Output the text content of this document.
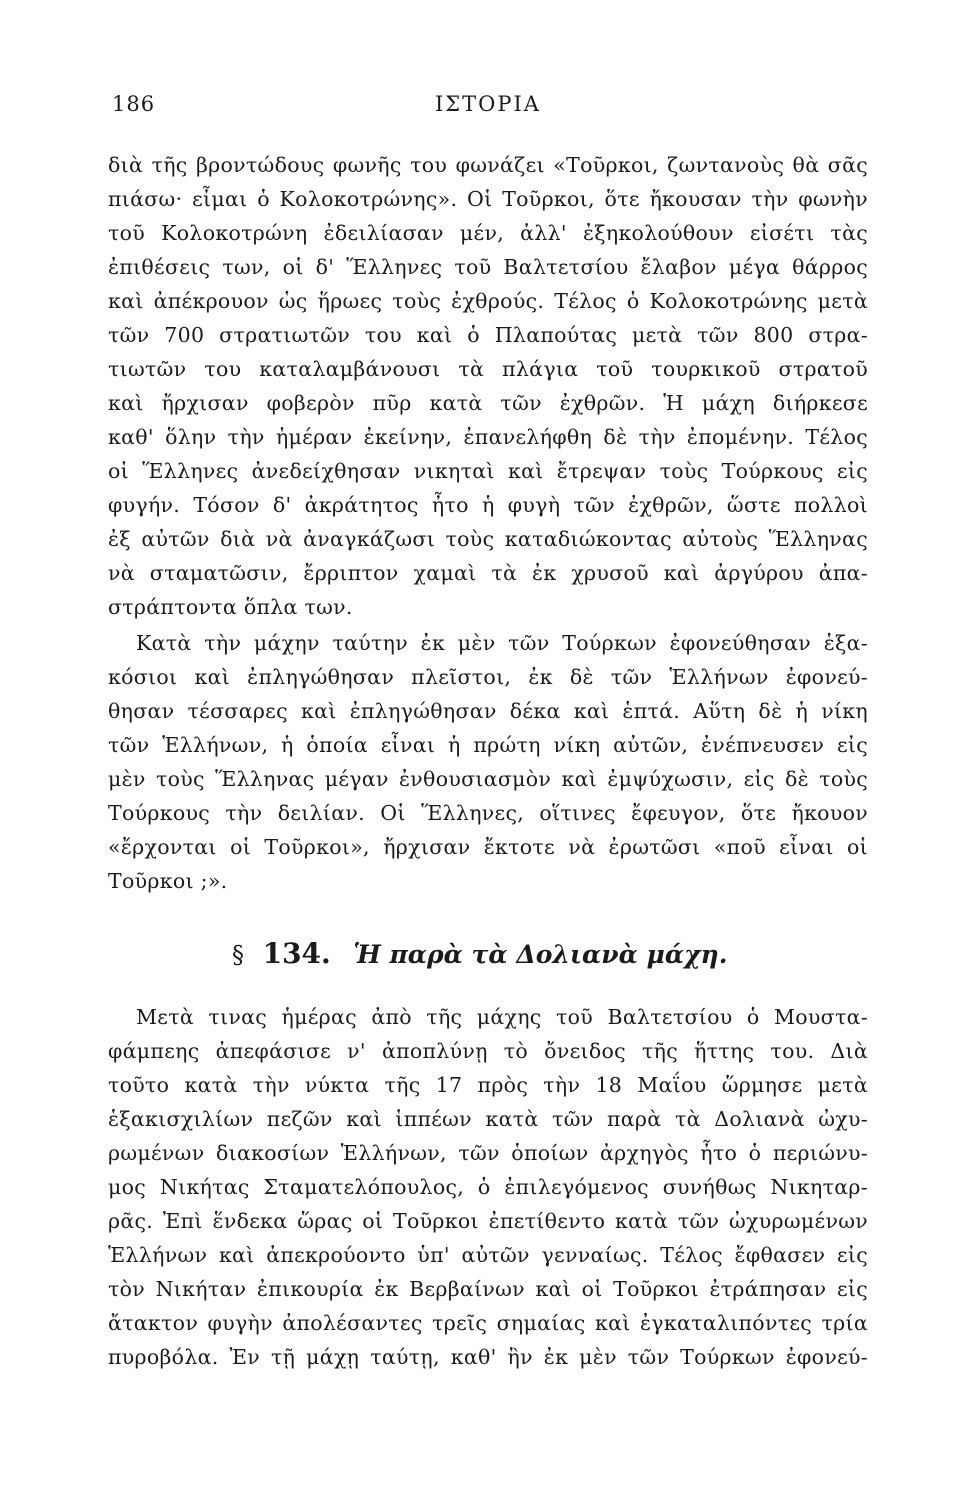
186	ΙΣΤΟΡΙΑ
διὰ τῆς βροντώδους φωνῆς του φωνάζει «Τοῦρκοι, ζωντανοὺς θὰ σᾶς
πιάσω· εἶμαι ὁ Κολοκοτρώνης». Οἱ Τοῦρκοι, ὅτε ἤκουσαν τὴν φωνὴν
τοῦ Κολοκοτρώνη ἐδειλίασαν μέν, ἀλλ' ἐξηκολούθουν εἰσέτι τὰς
ἐπιθέσεις των, οἱ δ' Ἕλληνες τοῦ Βαλτετσίου ἔλαβον μέγα θάρρος
καὶ ἀπέκρουον ὡς ἥρωες τοὺς ἐχθρούς. Τέλος ὁ Κολοκοτρώνης μετὰ
τῶν 700 στρατιωτῶν του καὶ ὁ Πλαπούτας μετὰ τῶν 800 στρα-
τιωτῶν του καταλαμβάνουσι τὰ πλάγια τοῦ τουρκικοῦ στρατοῦ
καὶ ἤρχισαν φοβερὸν πῦρ κατὰ τῶν ἐχθρῶν. Ἡ μάχη διήρκεσε
καθ' ὅλην τὴν ἡμέραν ἐκείνην, ἐπανελήφθη δὲ τὴν ἐπομένην. Τέλος
οἱ Ἕλληνες ἀνεδείχθησαν νικηταὶ καὶ ἔτρεψαν τοὺς Τούρκους εἰς
φυγήν. Τόσον δ' ἀκράτητος ἦτο ἡ φυγὴ τῶν ἐχθρῶν, ὥστε πολλοὶ
ἐξ αὐτῶν διὰ νὰ ἀναγκάζωσι τοὺς καταδιώκοντας αὐτοὺς Ἕλληνας
νὰ σταματῶσιν, ἔρριπτον χαμαὶ τὰ ἐκ χρυσοῦ καὶ ἀργύρου ἀπα-
στράπτοντα ὅπλα των.
Κατὰ τὴν μάχην ταύτην ἐκ μὲν τῶν Τούρκων ἐφονεύθησαν ἑξα-
κόσιοι καὶ ἐπληγώθησαν πλεῖστοι, ἐκ δὲ τῶν Ἑλλήνων ἐφονεύ-
θησαν τέσσαρες καὶ ἐπληγώθησαν δέκα καὶ ἑπτά. Αὕτη δὲ ἡ νίκη
τῶν Ἑλλήνων, ἡ ὁποία εἶναι ἡ πρώτη νίκη αὐτῶν, ἐνέπνευσεν εἰς
μὲν τοὺς Ἕλληνας μέγαν ἐνθουσιασμὸν καὶ ἐμψύχωσιν, εἰς δὲ τοὺς
Τούρκους τὴν δειλίαν. Οἱ Ἕλληνες, οἵτινες ἔφευγον, ὅτε ἤκουον
«ἔρχονται οἱ Τοῦρκοι», ἤρχισαν ἔκτοτε νὰ ἐρωτῶσι «ποῦ εἶναι οἱ
Τοῦρκοι ;».
§ 134. Ἡ παρὰ τὰ Δολιανὰ μάχη.
Μετὰ τινας ἡμέρας ἀπὸ τῆς μάχης τοῦ Βαλτετσίου ὁ Μουστα-
φάμπεης ἀπεφάσισε ν' ἀποπλύνῃ τὸ ὄνειδος τῆς ἥττης του. Διὰ
τοῦτο κατὰ τὴν νύκτα τῆς 17 πρὸς τὴν 18 Μαΐου ὥρμησε μετὰ
ἑξακισχιλίων πεζῶν καὶ ἱππέων κατὰ τῶν παρὰ τὰ Δολιανὰ ὠχυ-
ρωμένων διακοσίων Ἑλλήνων, τῶν ὁποίων ἀρχηγὸς ἦτο ὁ περιώνυ-
μος Νικήτας Σταματελόπουλος, ὁ ἐπιλεγόμενος συνήθως Νικηταρ-
ρᾶς. Ἐπὶ ἕνδεκα ὥρας οἱ Τοῦρκοι ἐπετίθεντο κατὰ τῶν ὠχυρωμένων
Ἑλλήνων καὶ ἀπεκρούοντο ὑπ' αὐτῶν γενναίως. Τέλος ἔφθασεν εἰς
τὸν Νικήταν ἐπικουρία ἐκ Βερβαίνων καὶ οἱ Τοῦρκοι ἐτράπησαν εἰς
ἄτακτον φυγὴν ἀπολέσαντες τρεῖς σημαίας καὶ ἐγκαταλιπόντες τρία
πυροβόλα. Ἐν τῇ μάχῃ ταύτῃ, καθ' ἣν ἐκ μὲν τῶν Τούρκων ἐφονεύ-
